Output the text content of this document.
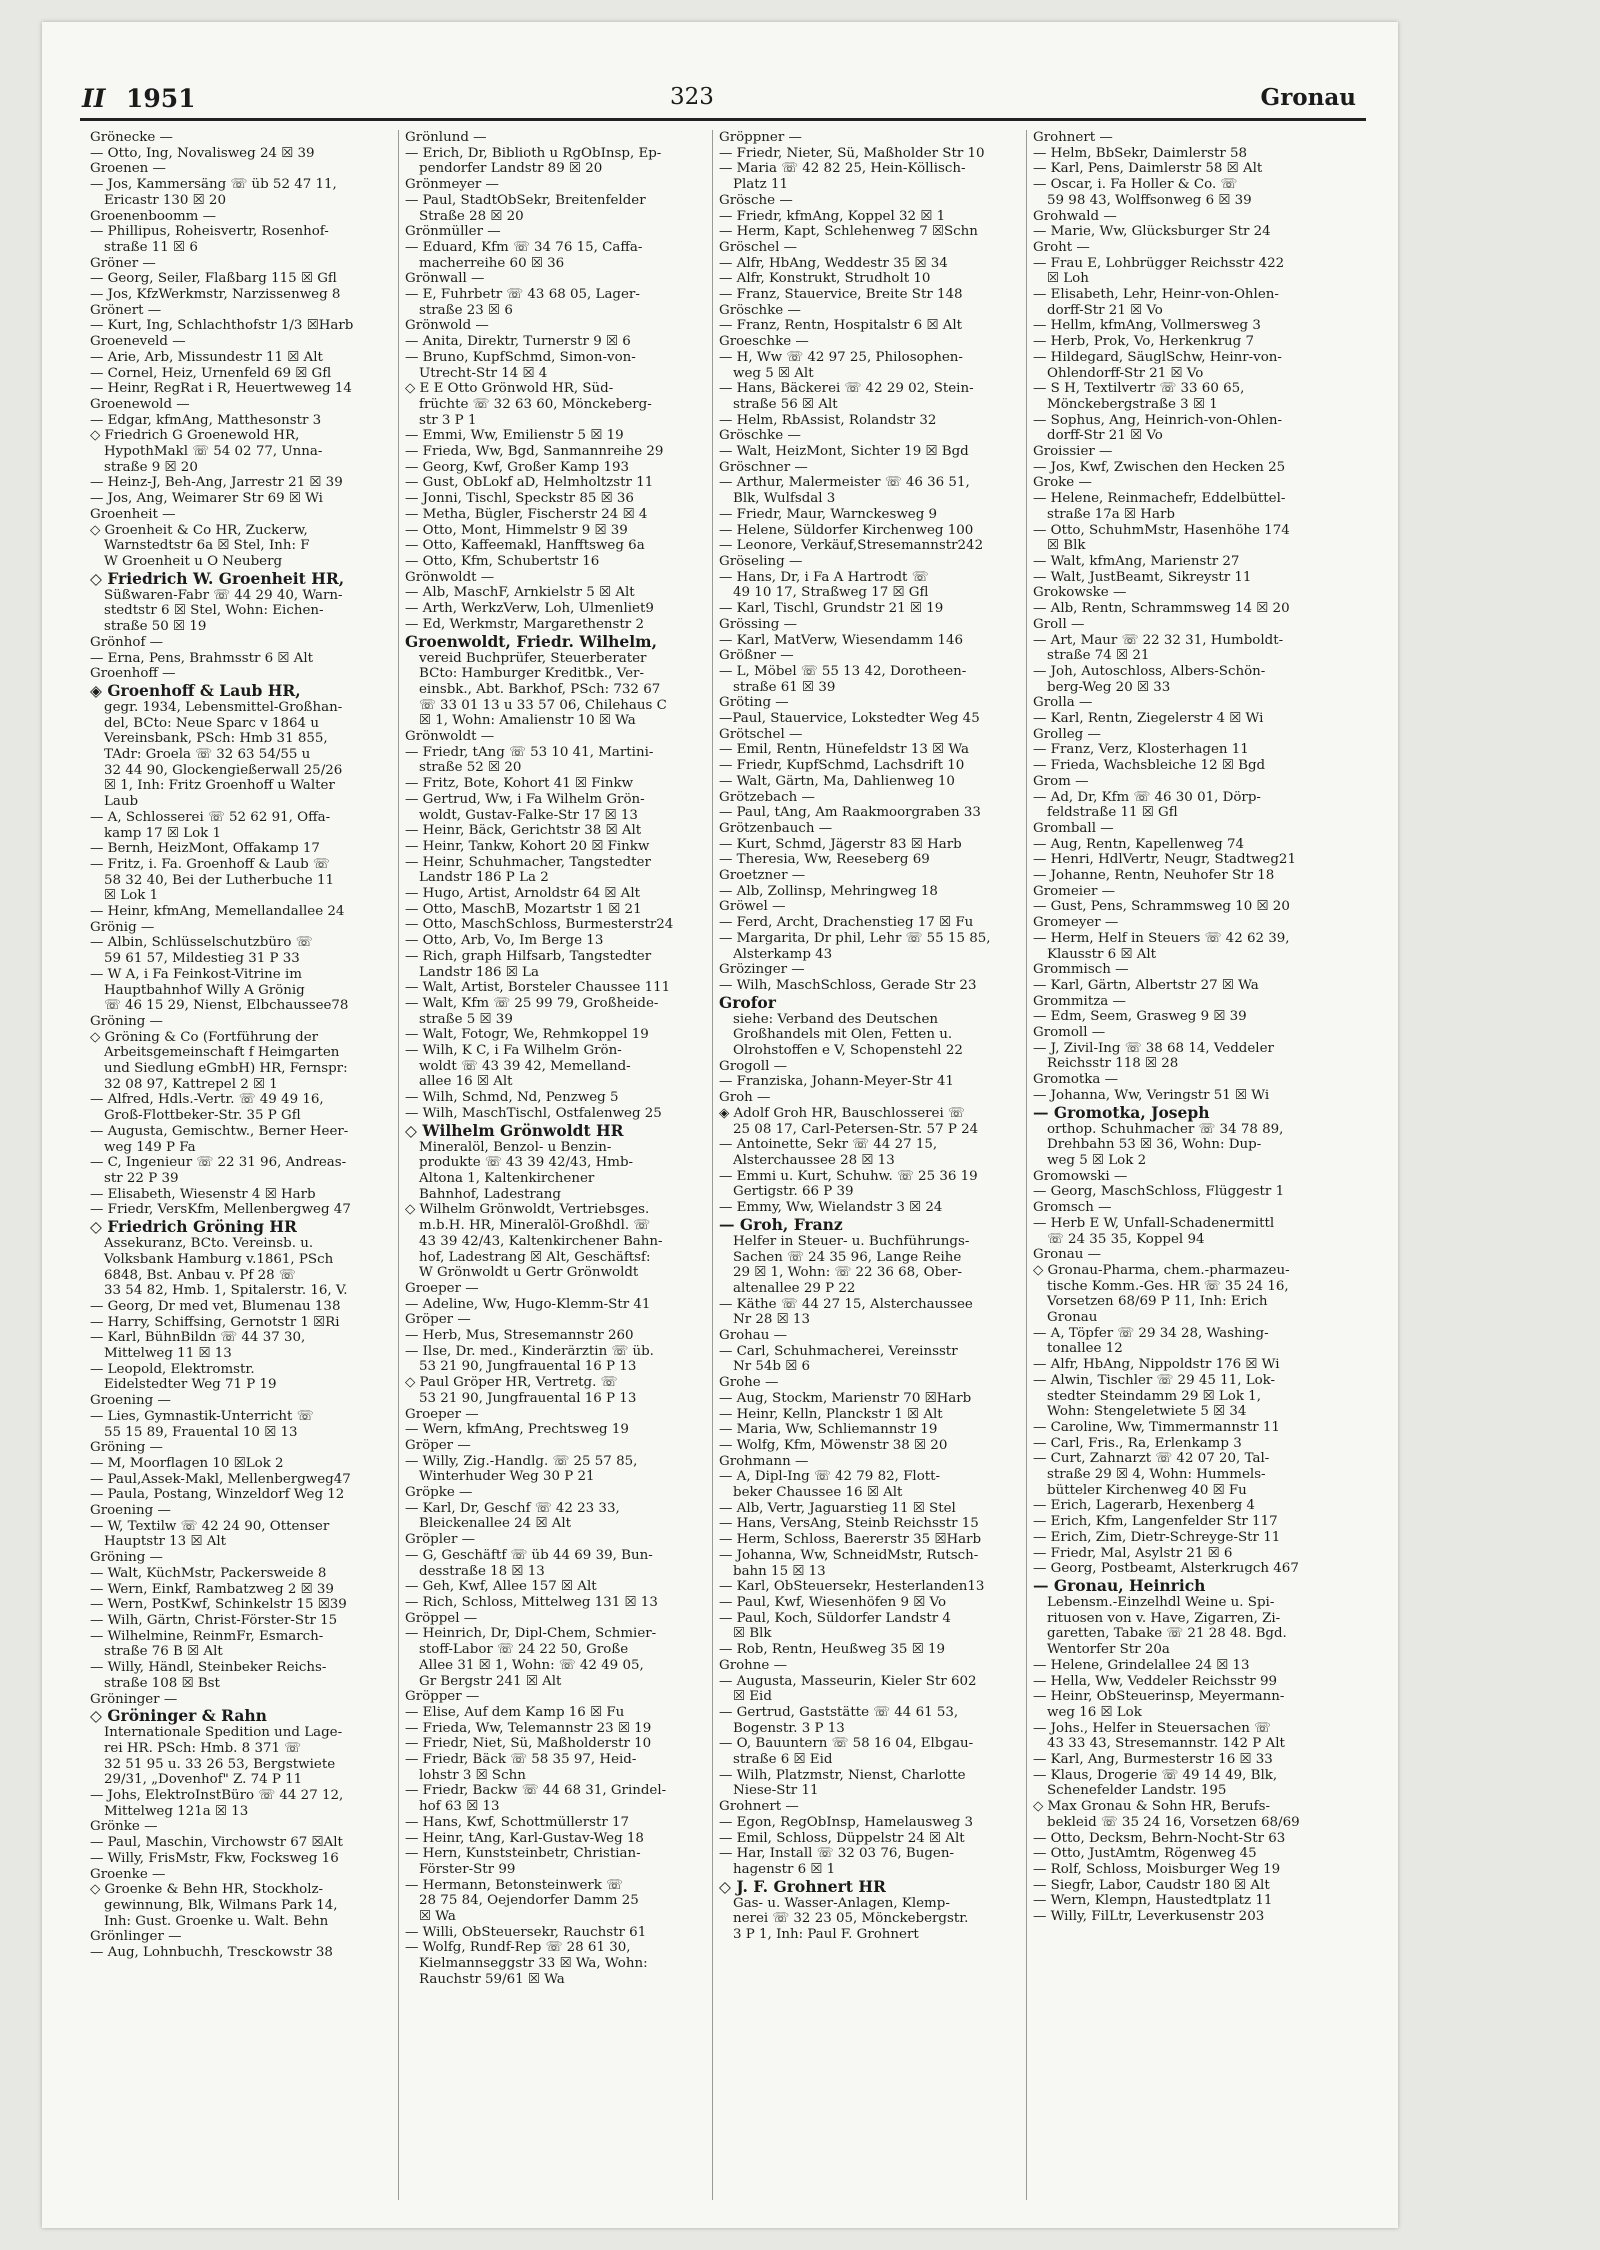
II 1951	323	Gronau
Grönecke —
— Otto, Ing, Novalisweg 24 ☒ 39
Groenen —
— Jos, Kammersäng ☏ üb 52 47 11,
Ericastr 130 ☒ 20
Groenenboomm —
— Phillipus, Roheisvertr, Rosenhof-
straße 11 ☒ 6
Gröner —
— Georg, Seiler, Flaßbarg 115 ☒ Gfl
— Jos, KfzWerkmstr, Narzissenweg 8
Grönert —
— Kurt, Ing, Schlachthofstr 1/3 ☒Harb
Groeneveld —
— Arie, Arb, Missundestr 11 ☒ Alt
— Cornel, Heiz, Urnenfeld 69 ☒ Gfl
— Heinr, RegRat i R, Heuertweweg 14
Groenewold —
— Edgar, kfmAng, Matthesonstr 3
◇ Friedrich G Groenewold HR,
HypothMakl ☏ 54 02 77, Unna-
straße 9 ☒ 20
— Heinz-J, Beh-Ang, Jarrestr 21 ☒ 39
— Jos, Ang, Weimarer Str 69 ☒ Wi
Groenheit —
◇ Groenheit & Co HR, Zuckerw,
Warnstedtstr 6a ☒ Stel, Inh: F
W Groenheit u O Neuberg
◇ Friedrich W. Groenheit HR,
Süßwaren-Fabr ☏ 44 29 40, Warn-
stedtstr 6 ☒ Stel, Wohn: Eichen-
straße 50 ☒ 19
Grönhof —
— Erna, Pens, Brahmsstr 6 ☒ Alt
Groenhoff —
◈ Groenhoff & Laub HR,
gegr. 1934, Lebensmittel-Großhan-
del, BCto: Neue Sparc v 1864 u
Vereinsbank, PSch: Hmb 31 855,
TAdr: Groela ☏ 32 63 54/55 u
32 44 90, Glockengießerwall 25/26
☒ 1, Inh: Fritz Groenhoff u Walter
Laub
— A, Schlosserei ☏ 52 62 91, Offa-
kamp 17 ☒ Lok 1
— Bernh, HeizMont, Offakamp 17
— Fritz, i. Fa. Groenhoff & Laub ☏
58 32 40, Bei der Lutherbuche 11
☒ Lok 1
— Heinr, kfmAng, Memellandallee 24
Grönig —
— Albin, Schlüsselschutzbüro ☏
59 61 57, Mildestieg 31 P 33
— W A, i Fa Feinkost-Vitrine im
Hauptbahnhof Willy A Grönig
☏ 46 15 29, Nienst, Elbchaussee78
Gröning —
◇ Gröning & Co (Fortführung der
Arbeitsgemeinschaft f Heimgarten
und Siedlung eGmbH) HR, Fernspr:
32 08 97, Kattrepel 2 ☒ 1
— Alfred, Hdls.-Vertr. ☏ 49 49 16,
Groß-Flottbeker-Str. 35 P Gfl
— Augusta, Gemischtw., Berner Heer-
weg 149 P Fa
— C, Ingenieur ☏ 22 31 96, Andreas-
str 22 P 39
— Elisabeth, Wiesenstr 4 ☒ Harb
— Friedr, VersKfm, Mellenbergweg 47
◇ Friedrich Gröning HR
Assekuranz, BCto. Vereinsb. u.
Volksbank Hamburg v.1861, PSch
6848, Bst. Anbau v. Pf 28 ☏
33 54 82, Hmb. 1, Spitalerstr. 16, V.
— Georg, Dr med vet, Blumenau 138
— Harry, Schiffsing, Gernotstr 1 ☒Ri
— Karl, BühnBildn ☏ 44 37 30,
Mittelweg 11 ☒ 13
— Leopold, Elektromstr.
Eidelstedter Weg 71 P 19
Groening —
— Lies, Gymnastik-Unterricht ☏
55 15 89, Frauental 10 ☒ 13
Gröning —
— M, Moorflagen 10 ☒Lok 2
— Paul,Assek-Makl, Mellenbergweg47
— Paula, Postang, Winzeldorf Weg 12
Groening —
— W, Textilw ☏ 42 24 90, Ottenser
Hauptstr 13 ☒ Alt
Gröning —
— Walt, KüchMstr, Packersweide 8
— Wern, Einkf, Rambatzweg 2 ☒ 39
— Wern, PostKwf, Schinkelstr 15 ☒39
— Wilh, Gärtn, Christ-Förster-Str 15
— Wilhelmine, ReinmFr, Esmarch-
straße 76 B ☒ Alt
— Willy, Händl, Steinbeker Reichs-
straße 108 ☒ Bst
Gröninger —
◇ Gröninger & Rahn
Internationale Spedition und Lage-
rei HR. PSch: Hmb. 8 371 ☏
32 51 95 u. 33 26 53, Bergstwiete
29/31, „Dovenhof" Z. 74 P 11
— Johs, ElektroInstBüro ☏ 44 27 12,
Mittelweg 121a ☒ 13
Grönke —
— Paul, Maschin, Virchowstr 67 ☒Alt
— Willy, FrisMstr, Fkw, Focksweg 16
Groenke —
◇ Groenke & Behn HR, Stockholz-
gewinnung, Blk, Wilmans Park 14,
Inh: Gust. Groenke u. Walt. Behn
Grönlinger —
— Aug, Lohnbuchh, Tresckowstr 38
Grönlund —
— Erich, Dr, Biblioth u RgObInsp, Ep-
pendorfer Landstr 89 ☒ 20
Grönmeyer —
— Paul, StadtObSekr, Breitenfelder
Straße 28 ☒ 20
Grönmüller —
— Eduard, Kfm ☏ 34 76 15, Caffa-
macherreihe 60 ☒ 36
Grönwall —
— E, Fuhrbetr ☏ 43 68 05, Lager-
straße 23 ☒ 6
Grönwold —
— Anita, Direktr, Turnerstr 9 ☒ 6
— Bruno, KupfSchmd, Simon-von-
Utrecht-Str 14 ☒ 4
◇ E E Otto Grönwold HR, Süd-
früchte ☏ 32 63 60, Mönckeberg-
str 3 P 1
— Emmi, Ww, Emilienstr 5 ☒ 19
— Frieda, Ww, Bgd, Sanmannreihe 29
— Georg, Kwf, Großer Kamp 193
— Gust, ObLokf aD, Helmholtzstr 11
— Jonni, Tischl, Speckstr 85 ☒ 36
— Metha, Bügler, Fischerstr 24 ☒ 4
— Otto, Mont, Himmelstr 9 ☒ 39
— Otto, Kaffeemakl, Hanfftsweg 6a
— Otto, Kfm, Schubertstr 16
Grönwoldt —
— Alb, MaschF, Arnkielstr 5 ☒ Alt
— Arth, WerkzVerw, Loh, Ulmenliet9
— Ed, Werkmstr, Margarethenstr 2
Groenwoldt, Friedr. Wilhelm,
vereid Buchprüfer, Steuerberater
BCto: Hamburger Kreditbk., Ver-
einsbk., Abt. Barkhof, PSch: 732 67
☏ 33 01 13 u 33 57 06, Chilehaus C
☒ 1, Wohn: Amalienstr 10 ☒ Wa
Grönwoldt —
— Friedr, tAng ☏ 53 10 41, Martini-
straße 52 ☒ 20
— Fritz, Bote, Kohort 41 ☒ Finkw
— Gertrud, Ww, i Fa Wilhelm Grön-
woldt, Gustav-Falke-Str 17 ☒ 13
— Heinr, Bäck, Gerichtstr 38 ☒ Alt
— Heinr, Tankw, Kohort 20 ☒ Finkw
— Heinr, Schuhmacher, Tangstedter
Landstr 186 P La 2
— Hugo, Artist, Arnoldstr 64 ☒ Alt
— Otto, MaschB, Mozartstr 1 ☒ 21
— Otto, MaschSchloss, Burmesterstr24
— Otto, Arb, Vo, Im Berge 13
— Rich, graph Hilfsarb, Tangstedter
Landstr 186 ☒ La
— Walt, Artist, Borsteler Chaussee 111
— Walt, Kfm ☏ 25 99 79, Großheide-
straße 5 ☒ 39
— Walt, Fotogr, We, Rehmkoppel 19
— Wilh, K C, i Fa Wilhelm Grön-
woldt ☏ 43 39 42, Memelland-
allee 16 ☒ Alt
— Wilh, Schmd, Nd, Penzweg 5
— Wilh, MaschTischl, Ostfalenweg 25
◇ Wilhelm Grönwoldt HR
Mineralöl, Benzol- u Benzin-
produkte ☏ 43 39 42/43, Hmb-
Altona 1, Kaltenkirchener
Bahnhof, Ladestrang
◇ Wilhelm Grönwoldt, Vertriebsges.
m.b.H. HR, Mineralöl-Großhdl. ☏
43 39 42/43, Kaltenkirchener Bahn-
hof, Ladestrang ☒ Alt, Geschäftsf:
W Grönwoldt u Gertr Grönwoldt
Groeper —
— Adeline, Ww, Hugo-Klemm-Str 41
Gröper —
— Herb, Mus, Stresemannstr 260
— Ilse, Dr. med., Kinderärztin ☏ üb.
53 21 90, Jungfrauental 16 P 13
◇ Paul Gröper HR, Vertretg. ☏
53 21 90, Jungfrauental 16 P 13
Groeper —
— Wern, kfmAng, Prechtsweg 19
Gröper —
— Willy, Zig.-Handlg. ☏ 25 57 85,
Winterhuder Weg 30 P 21
Gröpke —
— Karl, Dr, Geschf ☏ 42 23 33,
Bleickenallee 24 ☒ Alt
Gröpler —
— G, Geschäftf ☏ üb 44 69 39, Bun-
desstraße 18 ☒ 13
— Geh, Kwf, Allee 157 ☒ Alt
— Rich, Schloss, Mittelweg 131 ☒ 13
Gröppel —
— Heinrich, Dr, Dipl-Chem, Schmier-
stoff-Labor ☏ 24 22 50, Große
Allee 31 ☒ 1, Wohn: ☏ 42 49 05,
Gr Bergstr 241 ☒ Alt
Gröpper —
— Elise, Auf dem Kamp 16 ☒ Fu
— Frieda, Ww, Telemannstr 23 ☒ 19
— Friedr, Niet, Sü, Maßholderstr 10
— Friedr, Bäck ☏ 58 35 97, Heid-
lohstr 3 ☒ Schn
— Friedr, Backw ☏ 44 68 31, Grindel-
hof 63 ☒ 13
— Hans, Kwf, Schottmüllerstr 17
— Heinr, tAng, Karl-Gustav-Weg 18
— Hern, Kunststeinbetr, Christian-
Förster-Str 99
— Hermann, Betonsteinwerk ☏
28 75 84, Oejendorfer Damm 25
☒ Wa
— Willi, ObSteuersekr, Rauchstr 61
— Wolfg, Rundf-Rep ☏ 28 61 30,
Kielmannseggstr 33 ☒ Wa, Wohn:
Rauchstr 59/61 ☒ Wa
Gröppner —
— Friedr, Nieter, Sü, Maßholder Str 10
— Maria ☏ 42 82 25, Hein-Köllisch-
Platz 11
Grösche —
— Friedr, kfmAng, Koppel 32 ☒ 1
— Herm, Kapt, Schlehenweg 7 ☒Schn
Gröschel —
— Alfr, HbAng, Weddestr 35 ☒ 34
— Alfr, Konstrukt, Strudholt 10
— Franz, Stauervice, Breite Str 148
Gröschke —
— Franz, Rentn, Hospitalstr 6 ☒ Alt
Groeschke —
— H, Ww ☏ 42 97 25, Philosophen-
weg 5 ☒ Alt
— Hans, Bäckerei ☏ 42 29 02, Stein-
straße 56 ☒ Alt
— Helm, RbAssist, Rolandstr 32
Gröschke —
— Walt, HeizMont, Sichter 19 ☒ Bgd
Gröschner —
— Arthur, Malermeister ☏ 46 36 51,
Blk, Wulfsdal 3
— Friedr, Maur, Warnckesweg 9
— Helene, Süldorfer Kirchenweg 100
— Leonore, Verkäuf,Stresemannstr242
Gröseling —
— Hans, Dr, i Fa A Hartrodt ☏
49 10 17, Straßweg 17 ☒ Gfl
— Karl, Tischl, Grundstr 21 ☒ 19
Grössing —
— Karl, MatVerw, Wiesendamm 146
Größner —
— L, Möbel ☏ 55 13 42, Dorotheen-
straße 61 ☒ 39
Gröting —
—Paul, Stauervice, Lokstedter Weg 45
Grötschel —
— Emil, Rentn, Hünefeldstr 13 ☒ Wa
— Friedr, KupfSchmd, Lachsdrift 10
— Walt, Gärtn, Ma, Dahlienweg 10
Grötzebach —
— Paul, tAng, Am Raakmoorgraben 33
Grötzenbauch —
— Kurt, Schmd, Jägerstr 83 ☒ Harb
— Theresia, Ww, Reeseberg 69
Groetzner —
— Alb, Zollinsp, Mehringweg 18
Gröwel —
— Ferd, Archt, Drachenstieg 17 ☒ Fu
— Margarita, Dr phil, Lehr ☏ 55 15 85,
Alsterkamp 43
Grözinger —
— Wilh, MaschSchloss, Gerade Str 23
Grofor
siehe: Verband des Deutschen
Großhandels mit Ölen, Fetten u.
Ölrohstoffen e V, Schopenstehl 22
Grogoll —
— Franziska, Johann-Meyer-Str 41
Groh —
◈ Adolf Groh HR, Bauschlosserei ☏
25 08 17, Carl-Petersen-Str. 57 P 24
— Antoinette, Sekr ☏ 44 27 15,
Alsterchaussee 28 ☒ 13
— Emmi u. Kurt, Schuhw. ☏ 25 36 19
Gertigstr. 66 P 39
— Emmy, Ww, Wielandstr 3 ☒ 24
— Groh, Franz
Helfer in Steuer- u. Buchführungs-
Sachen ☏ 24 35 96, Lange Reihe
29 ☒ 1, Wohn: ☏ 22 36 68, Ober-
altenallee 29 P 22
— Käthe ☏ 44 27 15, Alsterchaussee
Nr 28 ☒ 13
Grohau —
— Carl, Schuhmacherei, Vereinsstr
Nr 54b ☒ 6
Grohe —
— Aug, Stockm, Marienstr 70 ☒Harb
— Heinr, Kelln, Planckstr 1 ☒ Alt
— Maria, Ww, Schliemannstr 19
— Wolfg, Kfm, Möwenstr 38 ☒ 20
Grohmann —
— A, Dipl-Ing ☏ 42 79 82, Flott-
beker Chaussee 16 ☒ Alt
— Alb, Vertr, Jaguarstieg 11 ☒ Stel
— Hans, VersAng, Steinb Reichsstr 15
— Herm, Schloss, Baererstr 35 ☒Harb
— Johanna, Ww, SchneidMstr, Rutsch-
bahn 15 ☒ 13
— Karl, ObSteuersekr, Hesterlanden13
— Paul, Kwf, Wiesenhöfen 9 ☒ Vo
— Paul, Koch, Süldorfer Landstr 4
☒ Blk
— Rob, Rentn, Heußweg 35 ☒ 19
Grohne —
— Augusta, Masseurin, Kieler Str 602
☒ Eid
— Gertrud, Gaststätte ☏ 44 61 53,
Bogenstr. 3 P 13
— O, Bauuntern ☏ 58 16 04, Elbgau-
straße 6 ☒ Eid
— Wilh, Platzmstr, Nienst, Charlotte
Niese-Str 11
Grohnert —
— Egon, RegObInsp, Hamelausweg 3
— Emil, Schloss, Düppelstr 24 ☒ Alt
— Har, Install ☏ 32 03 76, Bugen-
hagenstr 6 ☒ 1
◇ J. F. Grohnert HR
Gas- u. Wasser-Anlagen, Klemp-
nerei ☏ 32 23 05, Mönckebergstr.
3 P 1, Inh: Paul F. Grohnert
Grohnert —
— Helm, BbSekr, Daimlerstr 58
— Karl, Pens, Daimlerstr 58 ☒ Alt
— Oscar, i. Fa Holler & Co. ☏
59 98 43, Wolffsonweg 6 ☒ 39
Grohwald —
— Marie, Ww, Glücksburger Str 24
Groht —
— Frau E, Lohbrügger Reichsstr 422
☒ Loh
— Elisabeth, Lehr, Heinr-von-Ohlen-
dorff-Str 21 ☒ Vo
— Hellm, kfmAng, Vollmersweg 3
— Herb, Prok, Vo, Herkenkrug 7
— Hildegard, SäuglSchw, Heinr-von-
Ohlendorff-Str 21 ☒ Vo
— S H, Textilvertr ☏ 33 60 65,
Mönckebergstraße 3 ☒ 1
— Sophus, Ang, Heinrich-von-Ohlen-
dorff-Str 21 ☒ Vo
Groissier —
— Jos, Kwf, Zwischen den Hecken 25
Groke —
— Helene, Reinmachefr, Eddelbüttel-
straße 17a ☒ Harb
— Otto, SchuhmMstr, Hasenhöhe 174
☒ Blk
— Walt, kfmAng, Marienstr 27
— Walt, JustBeamt, Sikreystr 11
Grokowske —
— Alb, Rentn, Schrammsweg 14 ☒ 20
Groll —
— Art, Maur ☏ 22 32 31, Humboldt-
straße 74 ☒ 21
— Joh, Autoschloss, Albers-Schön-
berg-Weg 20 ☒ 33
Grolla —
— Karl, Rentn, Ziegelerstr 4 ☒ Wi
Grolleg —
— Franz, Verz, Klosterhagen 11
— Frieda, Wachsbleiche 12 ☒ Bgd
Grom —
— Ad, Dr, Kfm ☏ 46 30 01, Dörp-
feldstraße 11 ☒ Gfl
Gromball —
— Aug, Rentn, Kapellenweg 74
— Henri, HdlVertr, Neugr, Stadtweg21
— Johanne, Rentn, Neuhofer Str 18
Gromeier —
— Gust, Pens, Schrammsweg 10 ☒ 20
Gromeyer —
— Herm, Helf in Steuers ☏ 42 62 39,
Klausstr 6 ☒ Alt
Grommisch —
— Karl, Gärtn, Albertstr 27 ☒ Wa
Grommitza —
— Edm, Seem, Grasweg 9 ☒ 39
Gromoll —
— J, Zivil-Ing ☏ 38 68 14, Veddeler
Reichsstr 118 ☒ 28
Gromotka —
— Johanna, Ww, Veringstr 51 ☒ Wi
— Gromotka, Joseph
orthop. Schuhmacher ☏ 34 78 89,
Drehbahn 53 ☒ 36, Wohn: Dup-
weg 5 ☒ Lok 2
Gromowski —
— Georg, MaschSchloss, Flüggestr 1
Gromsch —
— Herb E W, Unfall-Schadenermittl
☏ 24 35 35, Koppel 94
Gronau —
◇ Gronau-Pharma, chem.-pharmazeu-
tische Komm.-Ges. HR ☏ 35 24 16,
Vorsetzen 68/69 P 11, Inh: Erich
Gronau
— A, Töpfer ☏ 29 34 28, Washing-
tonallee 12
— Alfr, HbAng, Nippoldstr 176 ☒ Wi
— Alwin, Tischler ☏ 29 45 11, Lok-
stedter Steindamm 29 ☒ Lok 1,
Wohn: Stengeletwiete 5 ☒ 34
— Caroline, Ww, Timmermannstr 11
— Carl, Fris., Ra, Erlenkamp 3
— Curt, Zahnarzt ☏ 42 07 20, Tal-
straße 29 ☒ 4, Wohn: Hummels-
bütteler Kirchenweg 40 ☒ Fu
— Erich, Lagerarb, Hexenberg 4
— Erich, Kfm, Langenfelder Str 117
— Erich, Zim, Dietr-Schreyge-Str 11
— Friedr, Mal, Asylstr 21 ☒ 6
— Georg, Postbeamt, Alsterkrugch 467
— Gronau, Heinrich
Lebensm.-Einzelhdl Weine u. Spi-
rituosen von v. Have, Zigarren, Zi-
garetten, Tabake ☏ 21 28 48. Bgd.
Wentorfer Str 20a
— Helene, Grindelallee 24 ☒ 13
— Hella, Ww, Veddeler Reichsstr 99
— Heinr, ObSteuerinsp, Meyermann-
weg 16 ☒ Lok
— Johs., Helfer in Steuersachen ☏
43 33 43, Stresemannstr. 142 P Alt
— Karl, Ang, Burmesterstr 16 ☒ 33
— Klaus, Drogerie ☏ 49 14 49, Blk,
Schenefelder Landstr. 195
◇ Max Gronau & Sohn HR, Berufs-
bekleid ☏ 35 24 16, Vorsetzen 68/69
— Otto, Decksm, Behrn-Nocht-Str 63
— Otto, JustAmtm, Rögenweg 45
— Rolf, Schloss, Moisburger Weg 19
— Siegfr, Labor, Caudstr 180 ☒ Alt
— Wern, Klempn, Haustedtplatz 11
— Willy, FilLtr, Leverkusenstr 203
